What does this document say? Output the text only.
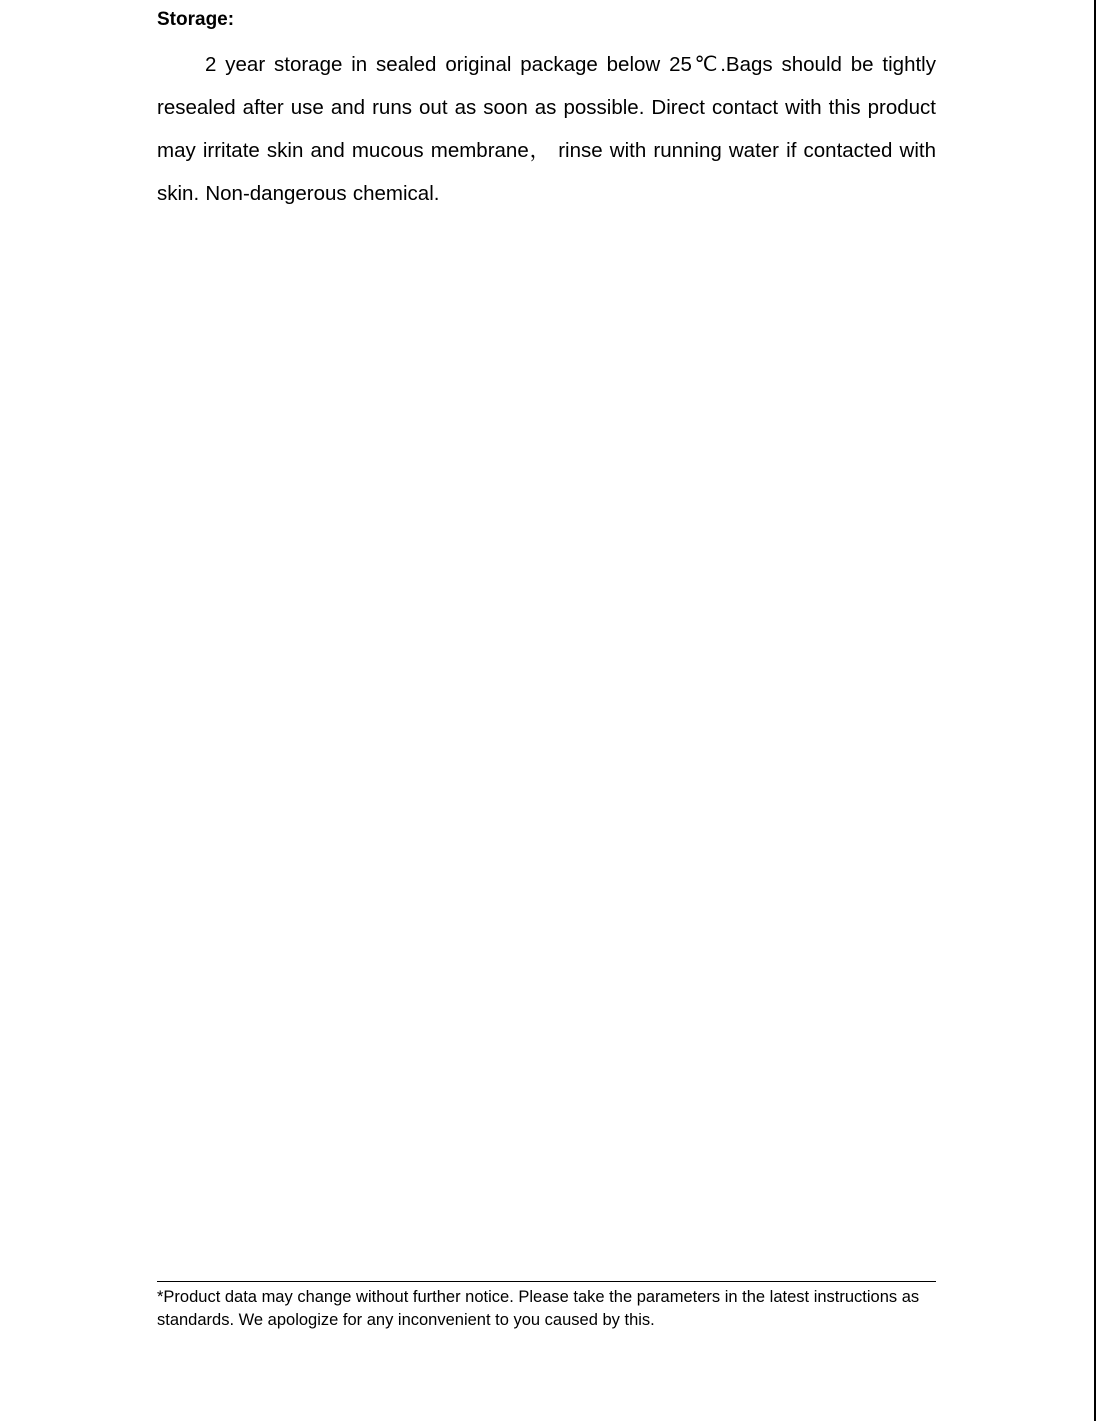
Storage:

2 year storage in sealed original package below 25℃.Bags should be tightly resealed after use and runs out as soon as possible. Direct contact with this product may irritate skin and mucous membrane， rinse with running water if contacted with skin. Non-dangerous chemical.

*Product data may change without further notice. Please take the parameters in the latest instructions as standards. We apologize for any inconvenient to you caused by this.
